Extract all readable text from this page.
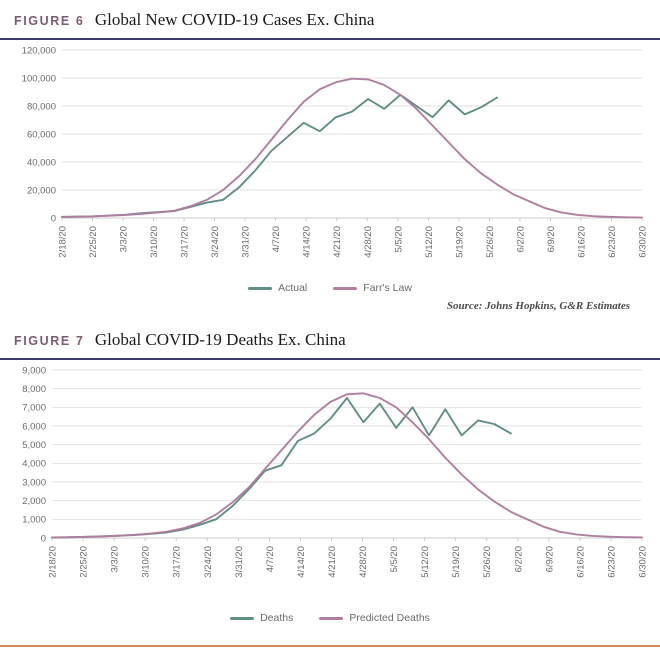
FIGURE 6 Global New COVID-19 Cases Ex. China
0
20,000
40,000
60,000
80,000
100,000
120,000
2/18/20 2/25/20 3/3/20 3/10/20 3/17/20 3/24/20 3/31/20 4/7/20 4/14/20 4/21/20 4/28/20 5/5/20 5/12/20 5/19/20 5/26/20 6/2/20 6/9/20 6/16/20 6/23/20 6/30/20
Actual	Farr's Law
Source: Johns Hopkins, G&R Estimates
FIGURE 7 Global COVID-19 Deaths Ex. China
0
1,000
2,000
3,000
4,000
5,000
6,000
7,000
8,000
9,000
2/18/20 2/25/20 3/3/20 3/10/20 3/17/20 3/24/20 3/31/20 4/7/20 4/14/20 4/21/20 4/28/20 5/5/20 5/12/20 5/19/20 5/26/20 6/2/20 6/9/20 6/16/20 6/23/20 6/30/20
Deaths	Predicted Deaths
